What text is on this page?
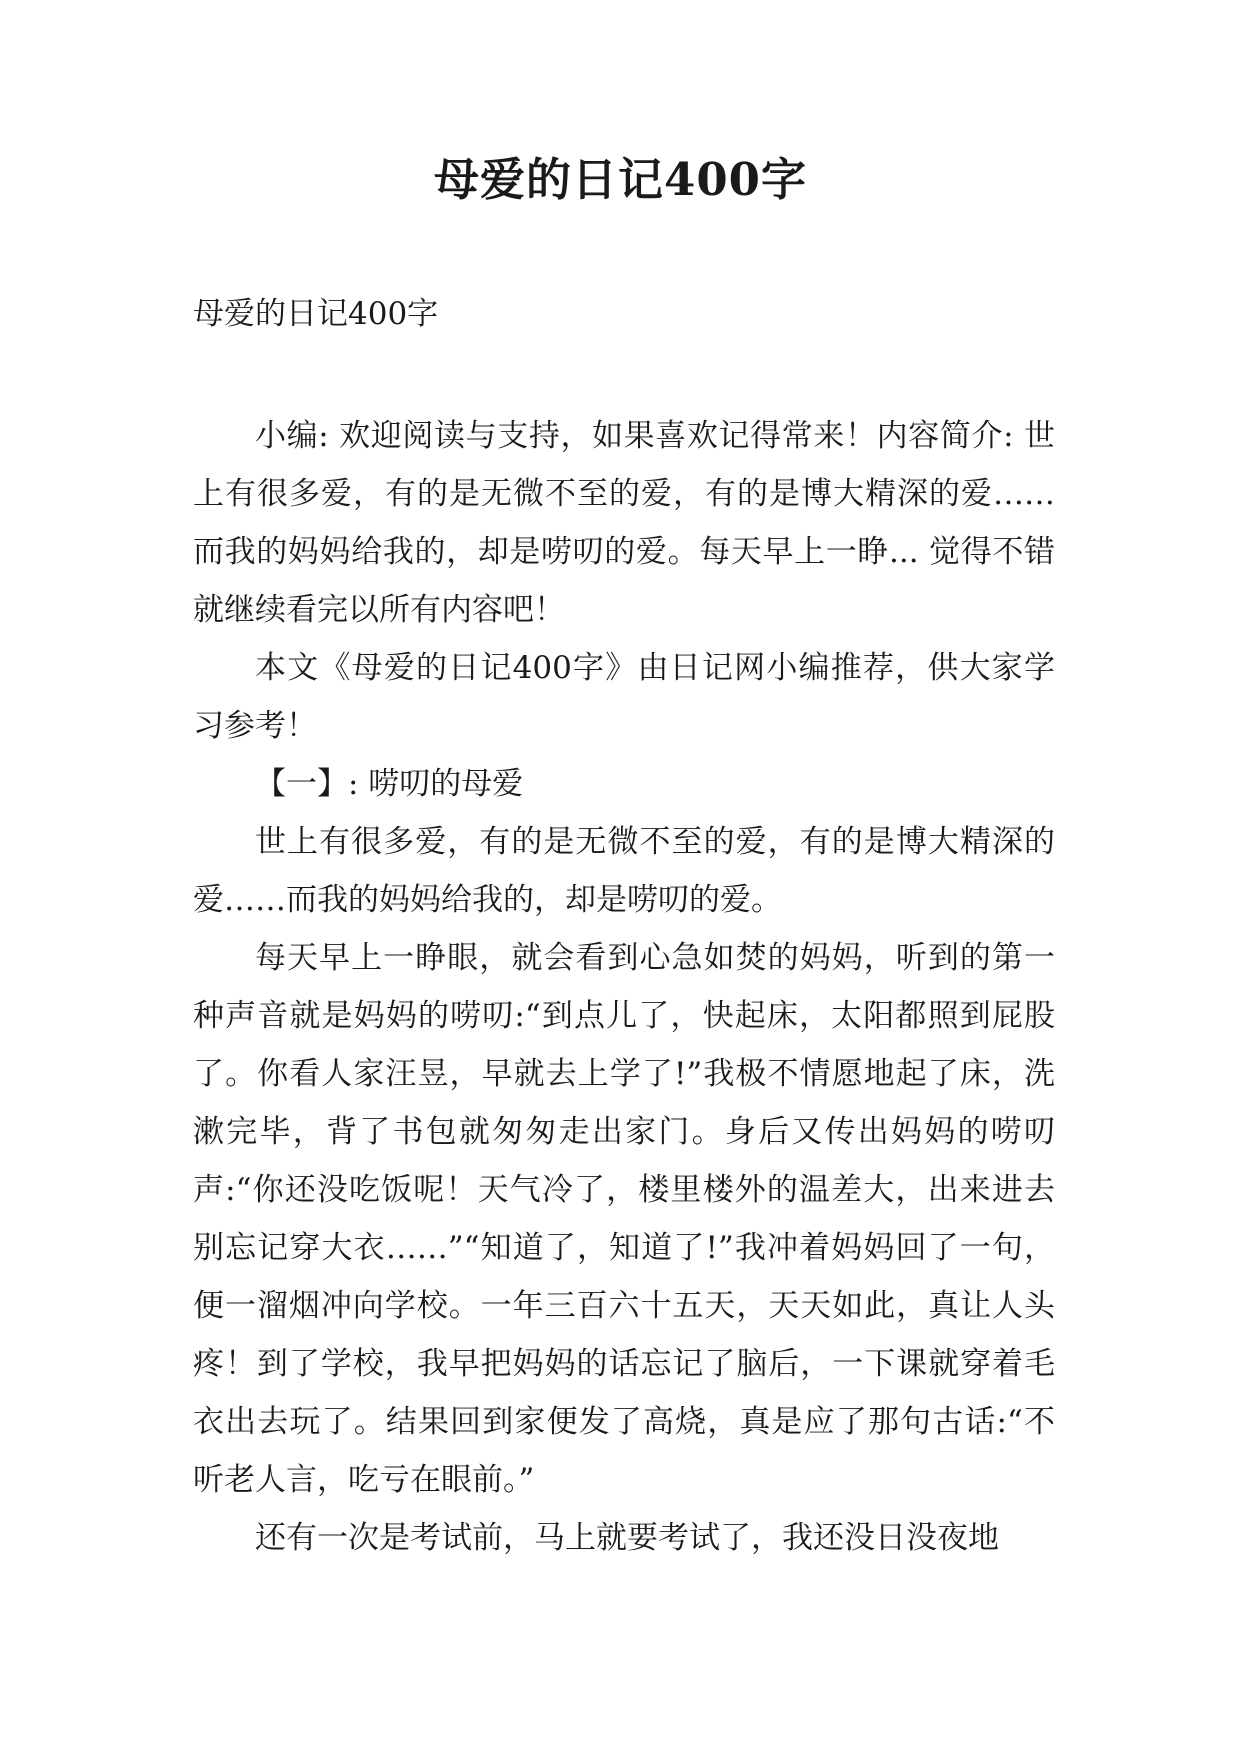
母爱的日记400字
母爱的日记400字

小编: 欢迎阅读与支持，如果喜欢记得常来！内容简介: 世上有很多爱，有的是无微不至的爱，有的是博大精深的爱……而我的妈妈给我的，却是唠叨的爱。每天早上一睁... 觉得不错就继续看完以所有内容吧！

本文《母爱的日记400字》由日记网小编推荐，供大家学习参考！

【一】: 唠叨的母爱

世上有很多爱，有的是无微不至的爱，有的是博大精深的爱……而我的妈妈给我的，却是唠叨的爱。

每天早上一睁眼，就会看到心急如焚的妈妈，听到的第一种声音就是妈妈的唠叨:“到点儿了，快起床，太阳都照到屁股了。你看人家汪昱，早就去上学了!”我极不情愿地起了床，洗漱完毕，背了书包就匆匆走出家门。身后又传出妈妈的唠叨声:“你还没吃饭呢！天气冷了，楼里楼外的温差大，出来进去别忘记穿大衣……”“知道了，知道了!”我冲着妈妈回了一句，便一溜烟冲向学校。一年三百六十五天，天天如此，真让人头疼！到了学校，我早把妈妈的话忘记了脑后，一下课就穿着毛衣出去玩了。结果回到家便发了高烧，真是应了那句古话:“不听老人言，吃亏在眼前。”

还有一次是考试前，马上就要考试了，我还没日没夜地
